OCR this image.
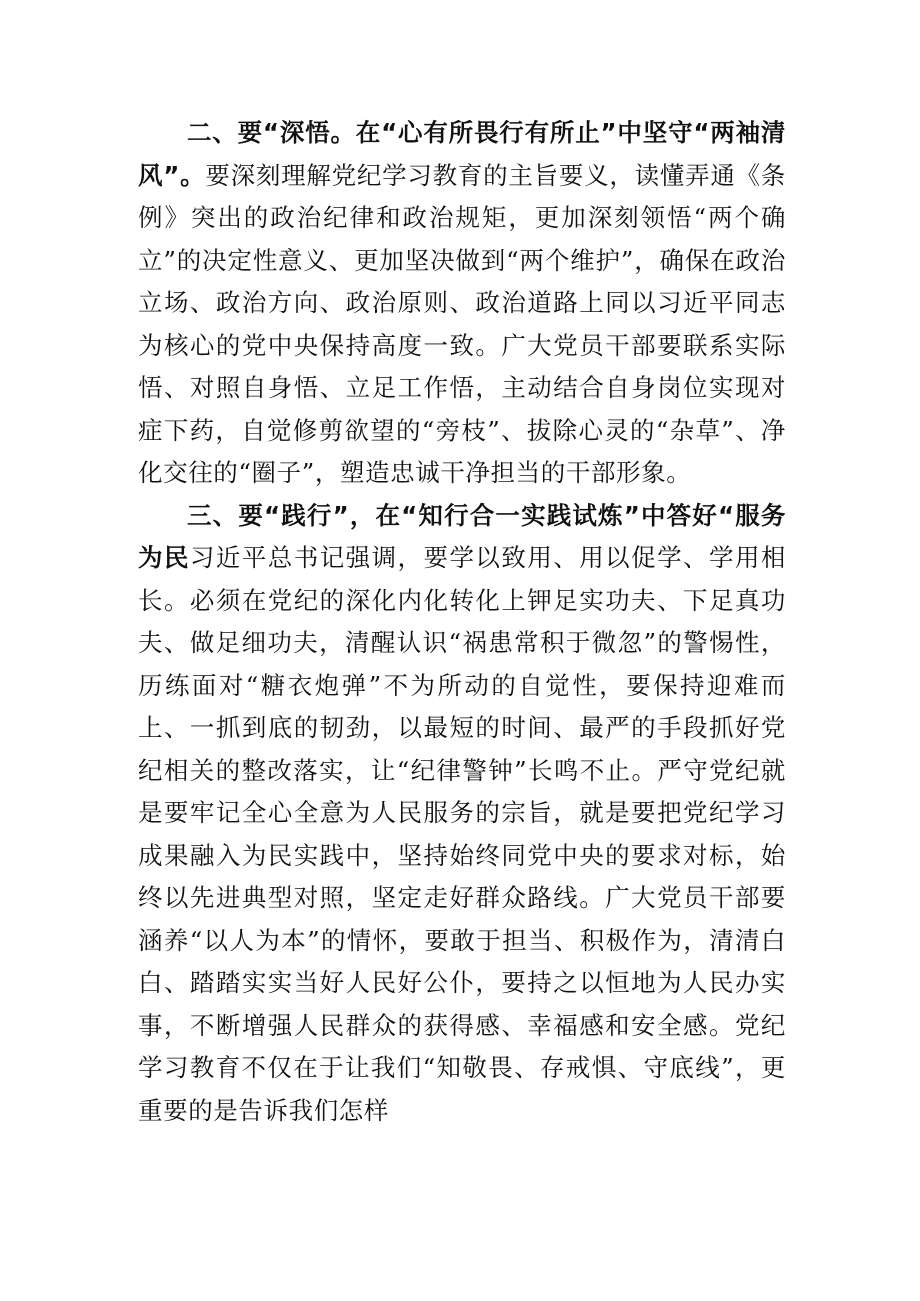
二、要“深悟。在“心有所畏行有所止”中坚守“两袖清风”。要深刻理解党纪学习教育的主旨要义，读懂弄通《条例》突出的政治纪律和政治规矩，更加深刻领悟“两个确立”的决定性意义、更加坚决做到“两个维护”，确保在政治立场、政治方向、政治原则、政治道路上同以习近平同志为核心的党中央保持高度一致。广大党员干部要联系实际悟、对照自身悟、立足工作悟，主动结合自身岗位实现对症下药，自觉修剪欲望的“旁枝”、拔除心灵的“杂草”、净化交往的“圈子”，塑造忠诚干净担当的干部形象。

三、要“践行”，在“知行合一实践试炼”中答好“服务为民习近平总书记强调，要学以致用、用以促学、学用相长。必须在党纪的深化内化转化上钾足实功夫、下足真功夫、做足细功夫，清醒认识“祸患常积于微忽”的警惕性，历练面对“糖衣炮弹”不为所动的自觉性，要保持迎难而上、一抓到底的韧劲，以最短的时间、最严的手段抓好党纪相关的整改落实，让“纪律警钟”长鸣不止。严守党纪就是要牢记全心全意为人民服务的宗旨，就是要把党纪学习成果融入为民实践中，坚持始终同党中央的要求对标，始终以先进典型对照，坚定走好群众路线。广大党员干部要涵养“以人为本”的情怀，要敢于担当、积极作为，清清白白、踏踏实实当好人民好公仆，要持之以恒地为人民办实事，不断增强人民群众的获得感、幸福感和安全感。党纪学习教育不仅在于让我们“知敬畏、存戒惧、守底线”，更重要的是告诉我们怎样
